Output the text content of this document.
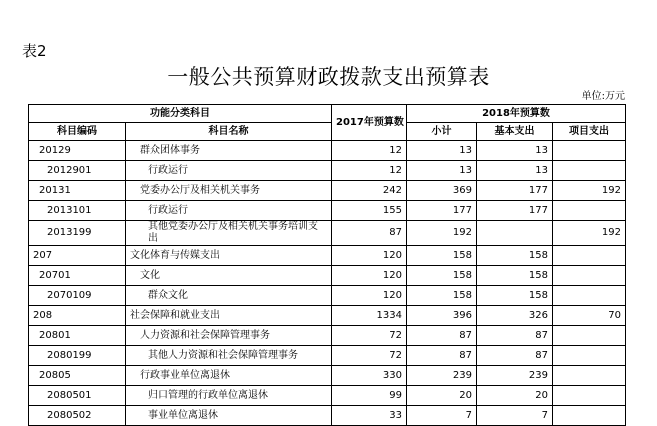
表2
一般公共预算财政拨款支出预算表
单位:万元
功能分类科目		2017年预算数	2018年预算数		
科目编码	科目名称		小计	基本支出	项目支出
20129	群众团体事务	12	13	13	
2012901	行政运行	12	13	13	
20131	党委办公厅及相关机关事务	242	369	177	192
2013101	行政运行	155	177	177	
2013199	其他党委办公厅及相关机关事务培训支出	87	192		192
207	文化体育与传媒支出	120	158	158	
20701	文化	120	158	158	
2070109	群众文化	120	158	158	
208	社会保障和就业支出	1334	396	326	70
20801	人力资源和社会保障管理事务	72	87	87	
2080199	其他人力资源和社会保障管理事务	72	87	87	
20805	行政事业单位离退休	330	239	239	
2080501	归口管理的行政单位离退休	99	20	20	
2080502	事业单位离退休	33	7	7	
